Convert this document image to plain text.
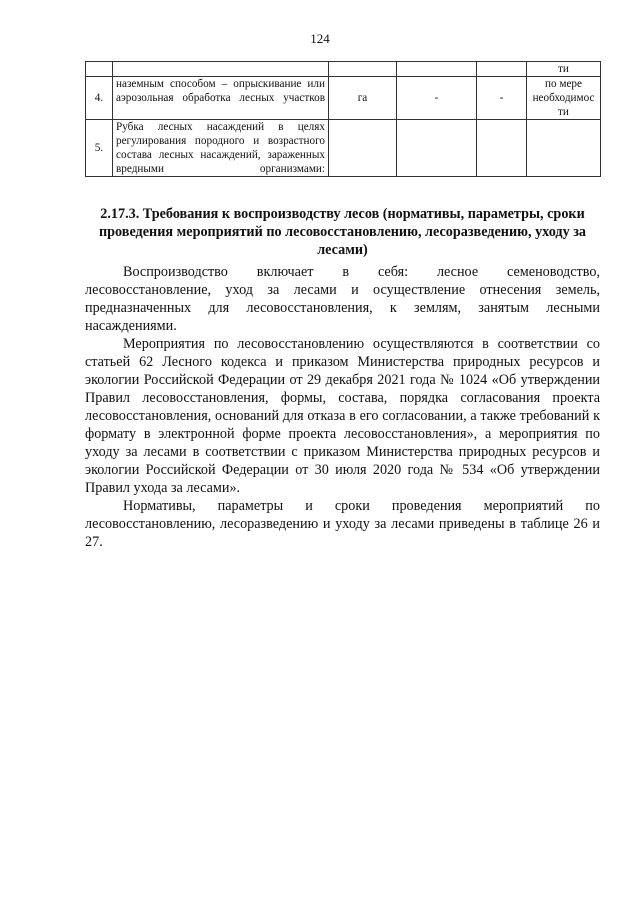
124
					ти
4.	наземным способом – опрыскивание или аэрозольная обработка лесных участков	га	-	-	по мере необходимос ти
5.	Рубка лесных насаждений в целях регулирования породного и возрастного состава лесных насаждений, зараженных вредными организмами:				
2.17.3. Требования к воспроизводству лесов (нормативы, параметры, сроки проведения мероприятий по лесовосстановлению, лесоразведению, уходу за лесами)

Воспроизводство включает в себя: лесное семеноводство, лесовосстановление, уход за лесами и осуществление отнесения земель, предназначенных для лесовосстановления, к землям, занятым лесными насаждениями.

Мероприятия по лесовосстановлению осуществляются в соответствии со статьей 62 Лесного кодекса и приказом Министерства природных ресурсов и экологии Российской Федерации от 29 декабря 2021 года № 1024 «Об утверждении Правил лесовосстановления, формы, состава, порядка согласования проекта лесовосстановления, оснований для отказа в его согласовании, а также требований к формату в электронной форме проекта лесовосстановления», а мероприятия по уходу за лесами в соответствии с приказом Министерства природных ресурсов и экологии Российской Федерации от 30 июля 2020 года № 534 «Об утверждении Правил ухода за лесами».

Нормативы, параметры и сроки проведения мероприятий по лесовосстановлению, лесоразведению и уходу за лесами приведены в таблице 26 и 27.
